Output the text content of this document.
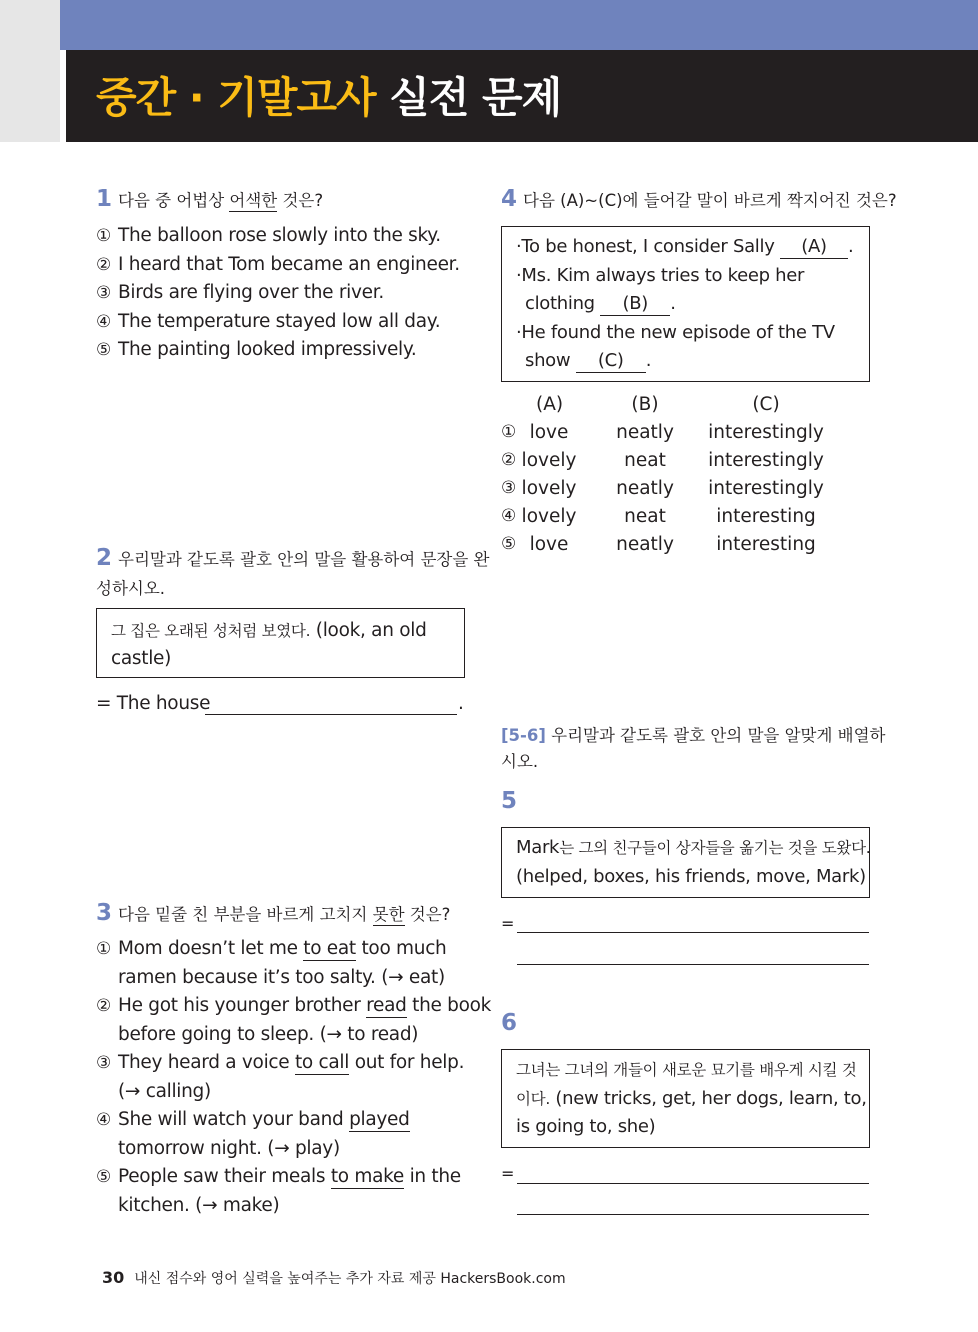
중간 · 기말고사 실전 문제
1 다음 중 어법상 어색한 것은?
① The balloon rose slowly into the sky.
② I heard that Tom became an engineer.
③ Birds are flying over the river.
④ The temperature stayed low all day.
⑤ The painting looked impressively.
2 우리말과 같도록 괄호 안의 말을 활용하여 문장을 완
성하시오.
그 집은 오래된 성처럼 보였다. (look, an old
castle)
= The house	.
3 다음 밑줄 친 부분을 바르게 고치지 못한 것은?
① Mom doesn’t let me to eat too much
ramen because it’s too salty. (→ eat)
② He got his younger brother read the book
before going to sleep. (→ to read)
③ They heard a voice to call out for help.
(→ calling)
④ She will watch your band played
tomorrow night. (→ play)
⑤ People saw their meals to make in the
kitchen. (→ make)
4 다음 (A)~(C)에 들어갈 말이 바르게 짝지어진 것은?
·To be honest, I consider Sally (A) .
·Ms. Kim always tries to keep her
clothing (B) .
·He found the new episode of the TV
show (C) .
(A)	(B)	(C)
① love	neatly interestingly
② lovely	neat interestingly
③ lovely neatly interestingly
④ lovely	neat	interesting
⑤ love	neatly interesting
[5-6] 우리말과 같도록 괄호 안의 말을 알맞게 배열하
시오.
5
Mark는 그의 친구들이 상자들을 옮기는 것을 도왔다.
(helped, boxes, his friends, move, Mark)
=
6
그녀는 그녀의 개들이 새로운 묘기를 배우게 시킬 것
이다. (new tricks, get, her dogs, learn, to,
is going to, she)
=
30 내신 점수와 영어 실력을 높여주는 추가 자료 제공 HackersBook.com
